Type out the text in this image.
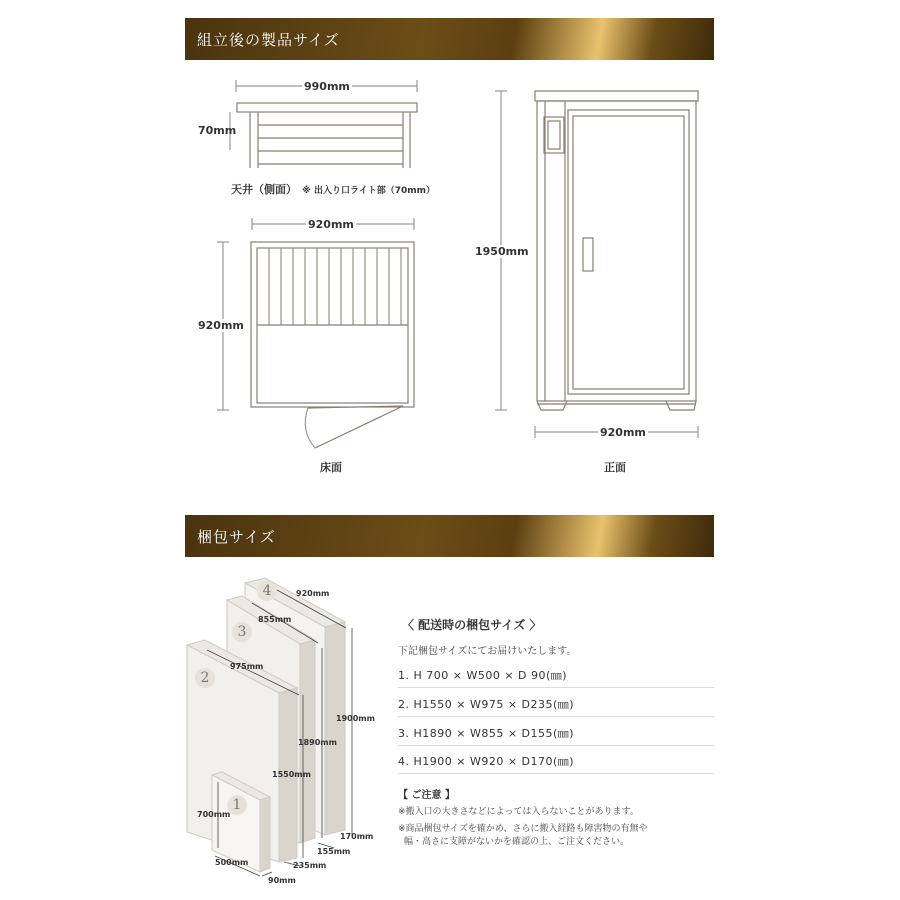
組立後の製品サイズ
990mm
70mm
天井（側面） ※ 出入り口ライト部（70mm）
920mm
920mm
床面
1950mm
920mm
正面
梱包サイズ
4
3
2
1
920mm
1900mm
170mm
855mm
1890mm
155mm
975mm
1550mm
235mm
700mm
500mm
90mm
〈 配送時の梱包サイズ 〉
下記梱包サイズにてお届けいたします。
1. H 700 × W500 × D 90(㎜)
2. H1550 × W975 × D235(㎜)
3. H1890 × W855 × D155(㎜)
4. H1900 × W920 × D170(㎜)
【 ご注意 】
※搬入口の大きさなどによっては入らないことがあります。
※商品梱包サイズを確かめ、さらに搬入経路も障害物の有無や
幅・高さに支障がないかを確認の上、ご注文ください。
